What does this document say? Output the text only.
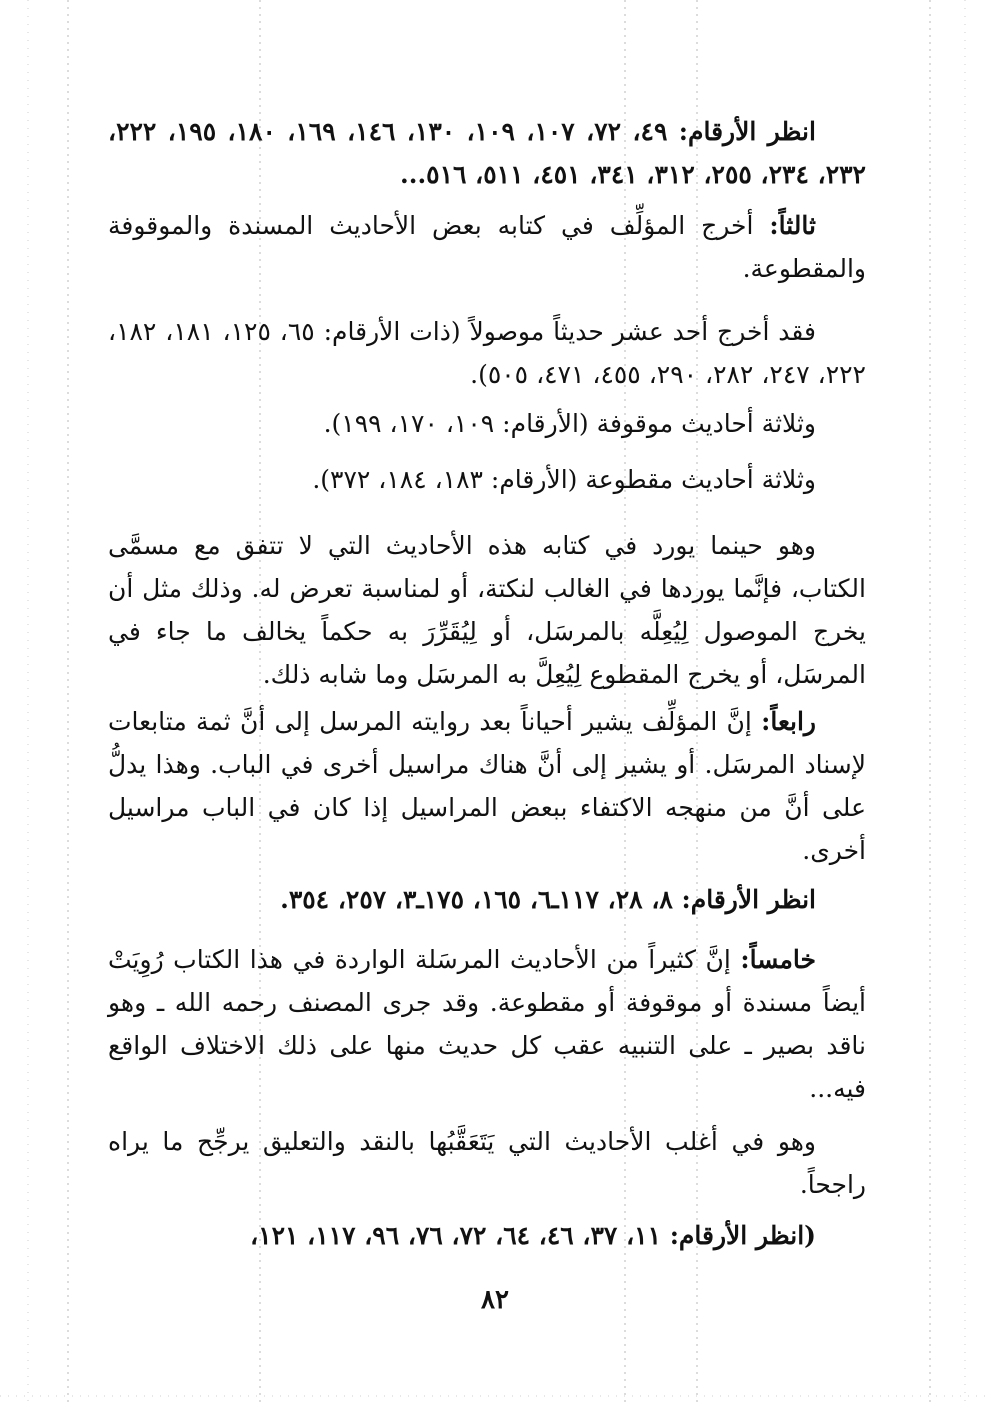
انظر الأرقام: ٤٩، ٧٢، ١٠٧، ١٠٩، ١٣٠، ١٤٦، ١٦٩، ١٨٠، ١٩٥، ٢٢٢، ٢٣٢، ٢٣٤، ٢٥٥، ٣١٢، ٣٤١، ٤٥١، ٥١١، ٥١٦...

ثالثاً: أخرج المؤلِّف في كتابه بعض الأحاديث المسندة والموقوفة والمقطوعة.

فقد أخرج أحد عشر حديثاً موصولاً (ذات الأرقام: ٦٥، ١٢٥، ١٨١، ١٨٢، ٢٢٢، ٢٤٧، ٢٨٢، ٢٩٠، ٤٥٥، ٤٧١، ٥٠٥).

وثلاثة أحاديث موقوفة (الأرقام: ١٠٩، ١٧٠، ١٩٩).

وثلاثة أحاديث مقطوعة (الأرقام: ١٨٣، ١٨٤، ٣٧٢).

وهو حينما يورد في كتابه هذه الأحاديث التي لا تتفق مع مسمَّى الكتاب، فإنَّما يوردها في الغالب لنكتة، أو لمناسبة تعرض له. وذلك مثل أن يخرج الموصول لِيُعِلَّه بالمرسَل، أو لِيُقَرِّرَ به حكماً يخالف ما جاء في المرسَل، أو يخرج المقطوع لِيُعِلَّ به المرسَل وما شابه ذلك.

رابعاً: إنَّ المؤلِّف يشير أحياناً بعد روايته المرسل إلى أنَّ ثمة متابعات لإسناد المرسَل. أو يشير إلى أنَّ هناك مراسيل أخرى في الباب. وهذا يدلُّ على أنَّ من منهجه الاكتفاء ببعض المراسيل إذا كان في الباب مراسيل أخرى.

انظر الأرقام: ٨، ٢٨، ١١٧ـ٦، ١٦٥، ١٧٥ـ٣، ٢٥٧، ٣٥٤.

خامساً: إنَّ كثيراً من الأحاديث المرسَلة الواردة في هذا الكتاب رُوِيَتْ أيضاً مسندة أو موقوفة أو مقطوعة. وقد جرى المصنف رحمه الله ـ وهو ناقد بصير ـ على التنبيه عقب كل حديث منها على ذلك الاختلاف الواقع فيه...

وهو في أغلب الأحاديث التي يَتَعَقَّبُها بالنقد والتعليق يرجِّح ما يراه راجحاً.

(انظر الأرقام: ١١، ٣٧، ٤٦، ٦٤، ٧٢، ٧٦، ٩٦، ١١٧، ١٢١،

٨٢
